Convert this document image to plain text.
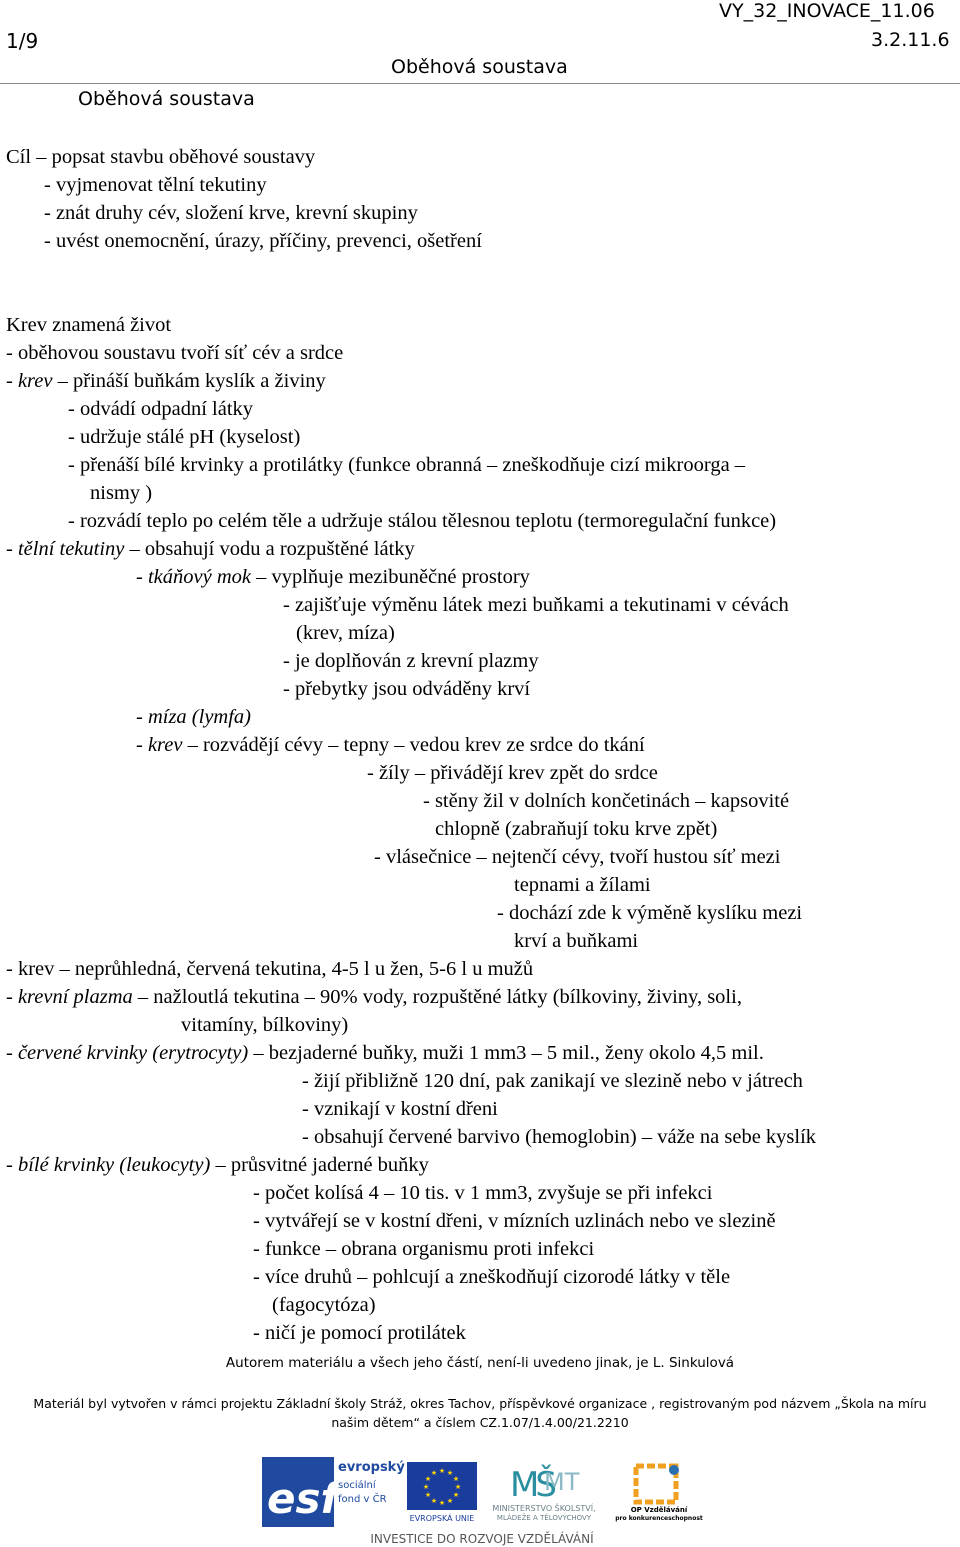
1/9
VY_32_INOVACE_11.06
3.2.11.6
Oběhová soustava
Oběhová soustava
Cíl – popsat stavbu oběhové soustavy
- vyjmenovat tělní tekutiny
- znát druhy cév, složení krve, krevní skupiny
- uvést onemocnění, úrazy, příčiny, prevenci, ošetření
Krev znamená život
- oběhovou soustavu tvoří síť cév a srdce
- krev – přináší buňkám kyslík a živiny
- odvádí odpadní látky
- udržuje stálé pH (kyselost)
- přenáší bílé krvinky a protilátky (funkce obranná – zneškodňuje cizí mikroorga –
nismy )
- rozvádí teplo po celém těle a udržuje stálou tělesnou teplotu (termoregulační funkce)
- tělní tekutiny – obsahují vodu a rozpuštěné látky
- tkáňový mok – vyplňuje mezibuněčné prostory
- zajišťuje výměnu látek mezi buňkami a tekutinami v cévách
(krev, míza)
- je doplňován z krevní plazmy
- přebytky jsou odváděny krví
- míza (lymfa)
- krev – rozvádějí cévy – tepny – vedou krev ze srdce do tkání
- žíly – přivádějí krev zpět do srdce
- stěny žil v dolních končetinách – kapsovité
chlopně (zabraňují toku krve zpět)
- vlásečnice – nejtenčí cévy, tvoří hustou síť mezi
tepnami a žílami
- dochází zde k výměně kyslíku mezi
krví a buňkami
- krev – neprůhledná, červená tekutina, 4-5 l u žen, 5-6 l u mužů
- krevní plazma – nažloutlá tekutina – 90% vody, rozpuštěné látky (bílkoviny, živiny, soli,
vitamíny, bílkoviny)
- červené krvinky (erytrocyty) – bezjaderné buňky, muži 1 mm3 – 5 mil., ženy okolo 4,5 mil.
- žijí přibližně 120 dní, pak zanikají ve slezině nebo v játrech
- vznikají v kostní dřeni
- obsahují červené barvivo (hemoglobin) – váže na sebe kyslík
- bílé krvinky (leukocyty) – průsvitné jaderné buňky
- počet kolísá 4 – 10 tis. v 1 mm3, zvyšuje se při infekci
- vytvářejí se v kostní dřeni, v mízních uzlinách nebo ve slezině
- funkce – obrana organismu proti infekci
- více druhů – pohlcují a zneškodňují cizorodé látky v těle
(fagocytóza)
- ničí je pomocí protilátek
Autorem materiálu a všech jeho částí, není-li uvedeno jinak, je L. Sinkulová
Materiál byl vytvořen v rámci projektu Základní školy Stráž, okres Tachov, příspěvkové organizace , registrovaným pod názvem „Škola na míru
našim dětem“ a číslem CZ.1.07/1.4.00/21.2210
esf
evropský
sociální
fond v ČR
★ ★
★
★
★
★
★
★
★
★
★
★
EVROPSKÁ UNIE
MŠ
MT
MINISTERSTVO ŠKOLSTVÍ,
MLÁDEŽE A TĚLOVÝCHOVY
OP Vzdělávání
pro konkurenceschopnost
INVESTICE DO ROZVOJE VZDĚLÁVÁNÍ
